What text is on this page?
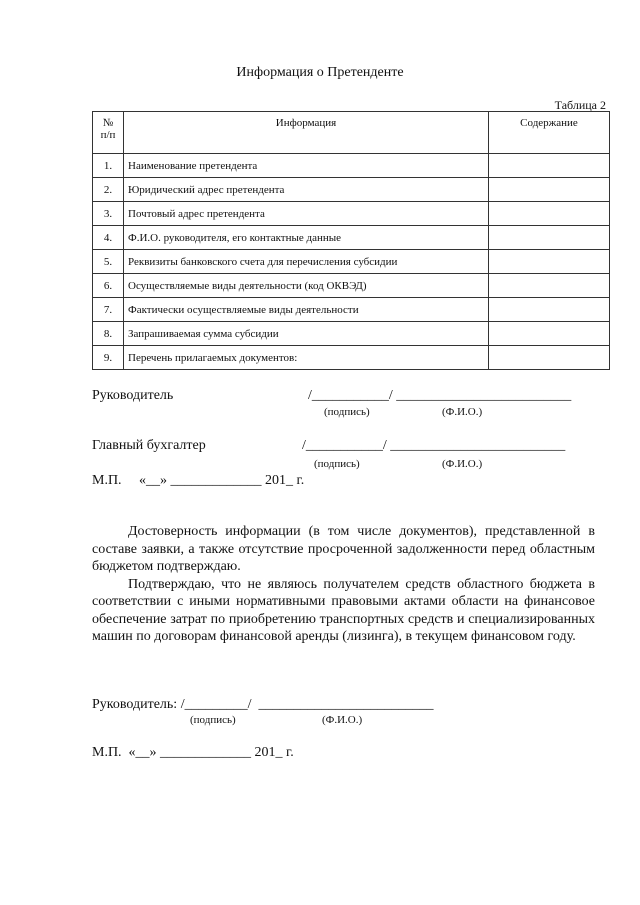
Информация о Претенденте
Таблица 2
№ п/п	Информация	Содержание
1.	Наименование претендента	
2.	Юридический адрес претендента	
3.	Почтовый адрес претендента	
4.	Ф.И.О. руководителя, его контактные данные	
5.	Реквизиты банковского счета для перечисления субсидии	
6.	Осуществляемые виды деятельности (код ОКВЭД)	
7.	Фактически осуществляемые виды деятельности	
8.	Запрашиваемая сумма субсидии	
9.	Перечень прилагаемых документов:	
Руководитель	/___________/ _________________________
(подпись)	(Ф.И.О.)
Главный бухгалтер	/___________/ _________________________
(подпись)	(Ф.И.О.)
М.П.     «__» _____________ 201_ г.

Достоверность информации (в том числе документов), представленной в составе заявки, а также отсутствие просроченной задолженности перед областным бюджетом подтверждаю.

Подтверждаю, что не являюсь получателем средств областного бюджета в соответствии с иными нормативными правовыми актами области на финансовое обеспечение затрат по приобретению транспортных средств и специализированных машин по договорам финансовой аренды (лизинга), в текущем финансовом году.

Руководитель: /_________/  _________________________
(подпись)	(Ф.И.О.)
М.П.  «__» _____________ 201_ г.
